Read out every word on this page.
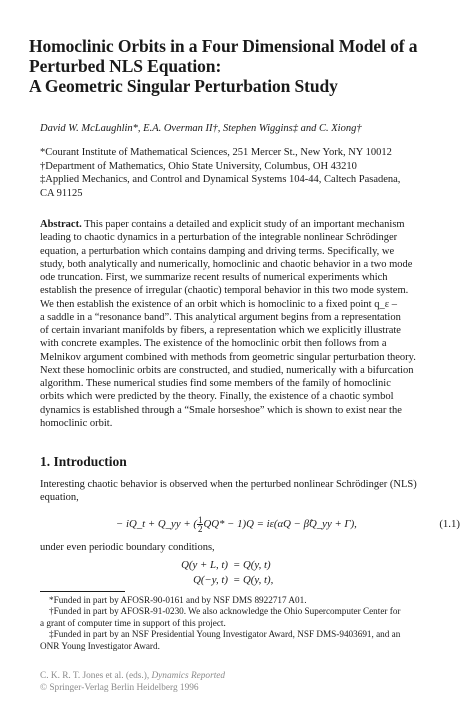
Homoclinic Orbits in a Four Dimensional Model of a
Perturbed NLS Equation:
A Geometric Singular Perturbation Study
David W. McLaughlin*, E.A. Overman II†, Stephen Wiggins‡ and C. Xiong†
*Courant Institute of Mathematical Sciences, 251 Mercer St., New York, NY 10012
†Department of Mathematics, Ohio State University, Columbus, OH 43210
‡Applied Mechanics, and Control and Dynamical Systems 104-44, Caltech Pasadena,
CA 91125
Abstract. This paper contains a detailed and explicit study of an important mechanism
leading to chaotic dynamics in a perturbation of the integrable nonlinear Schrödinger
equation, a perturbation which contains damping and driving terms. Specifically, we
study, both analytically and numerically, homoclinic and chaotic behavior in a two mode
ode truncation. First, we summarize recent results of numerical experiments which
establish the presence of irregular (chaotic) temporal behavior in this two mode system.
We then establish the existence of an orbit which is homoclinic to a fixed point q_ε –
a saddle in a “resonance band”. This analytical argument begins from a representation
of certain invariant manifolds by fibers, a representation which we explicitly illustrate
with concrete examples. The existence of the homoclinic orbit then follows from a
Melnikov argument combined with methods from geometric singular perturbation theory.
Next these homoclinic orbits are constructed, and studied, numerically with a bifurcation
algorithm. These numerical studies find some members of the family of homoclinic
orbits which were predicted by the theory. Finally, the existence of a chaotic symbol
dynamics is established through a “Smale horseshoe” which is shown to exist near the
homoclinic orbit.
1. Introduction
Interesting chaotic behavior is observed when the perturbed nonlinear Schrödinger (NLS)
equation,
− iQ_t + Q_yy + ( $\frac{1}{2} QQ* - 1)Q = i\varepsilon(\alpha Q$ − β̂Q_yy + Γ),	(1.1)
under even periodic boundary conditions,
Q(y + L, t) = Q(y, t)
Q(−y, t) = Q(y, t),
*Funded in part by AFOSR-90-0161 and by NSF DMS 8922717 A01.
†Funded in part by AFOSR-91-0230. We also acknowledge the Ohio Supercomputer Center for
a grant of computer time in support of this project.
‡Funded in part by an NSF Presidential Young Investigator Award, NSF DMS-9403691, and an
ONR Young Investigator Award.
C. K. R. T. Jones et al. (eds.), Dynamics Reported
© Springer-Verlag Berlin Heidelberg 1996
